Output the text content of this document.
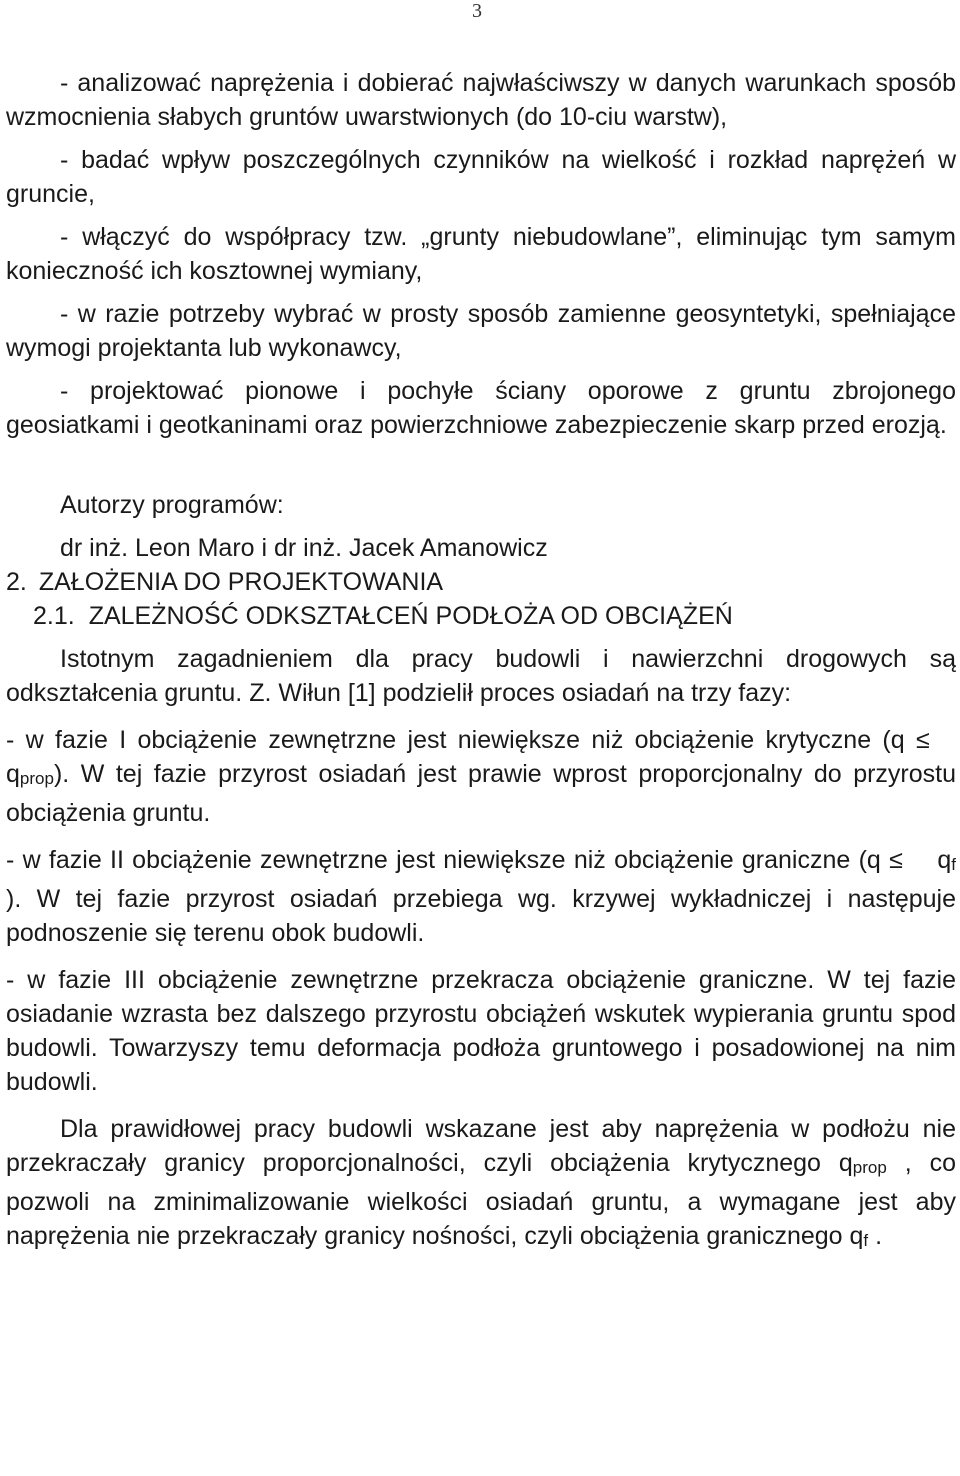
3

- analizować naprężenia i dobierać najwłaściwszy w danych warunkach sposób wzmocnienia słabych gruntów uwarstwionych (do 10-ciu warstw),

- badać wpływ poszczególnych czynników na wielkość i rozkład naprężeń w gruncie,

- włączyć do współpracy tzw. „grunty niebudowlane”, eliminując tym samym konieczność ich kosztownej wymiany,

- w razie potrzeby wybrać w prosty sposób zamienne geosyntetyki, spełniające wymogi projektanta lub wykonawcy,

- projektować pionowe i pochyłe ściany oporowe z gruntu zbrojonego geosiatkami i geotkaninami oraz powierzchniowe zabezpieczenie skarp przed erozją.

Autorzy programów:

dr inż. Leon Maro i dr inż. Jacek Amanowicz

2. ZAŁOŻENIA DO PROJEKTOWANIA

2.1. ZALEŻNOŚĆ ODKSZTAŁCEŃ PODŁOŻA OD OBCIĄŻEŃ

Istotnym zagadnieniem dla pracy budowli i nawierzchni drogowych są odkształcenia gruntu. Z. Wiłun [1] podzielił proces osiadań na trzy fazy:

- w fazie I obciążenie zewnętrzne jest niewiększe niż obciążenie krytyczne (q ≤ qprop). W tej fazie przyrost osiadań jest prawie wprost proporcjonalny do przyrostu obciążenia gruntu.

- w fazie II obciążenie zewnętrzne jest niewiększe niż obciążenie graniczne (q ≤ qf ). W tej fazie przyrost osiadań przebiega wg. krzywej wykładniczej i następuje podnoszenie się terenu obok budowli.

- w fazie III obciążenie zewnętrzne przekracza obciążenie graniczne. W tej fazie osiadanie wzrasta bez dalszego przyrostu obciążeń wskutek wypierania gruntu spod budowli. Towarzyszy temu deformacja podłoża gruntowego i posadowionej na nim budowli.

Dla prawidłowej pracy budowli wskazane jest aby naprężenia w podłożu nie przekraczały granicy proporcjonalności, czyli obciążenia krytycznego qprop , co pozwoli na zminimalizowanie wielkości osiadań gruntu, a wymagane jest aby naprężenia nie przekraczały granicy nośności, czyli obciążenia granicznego qf .
